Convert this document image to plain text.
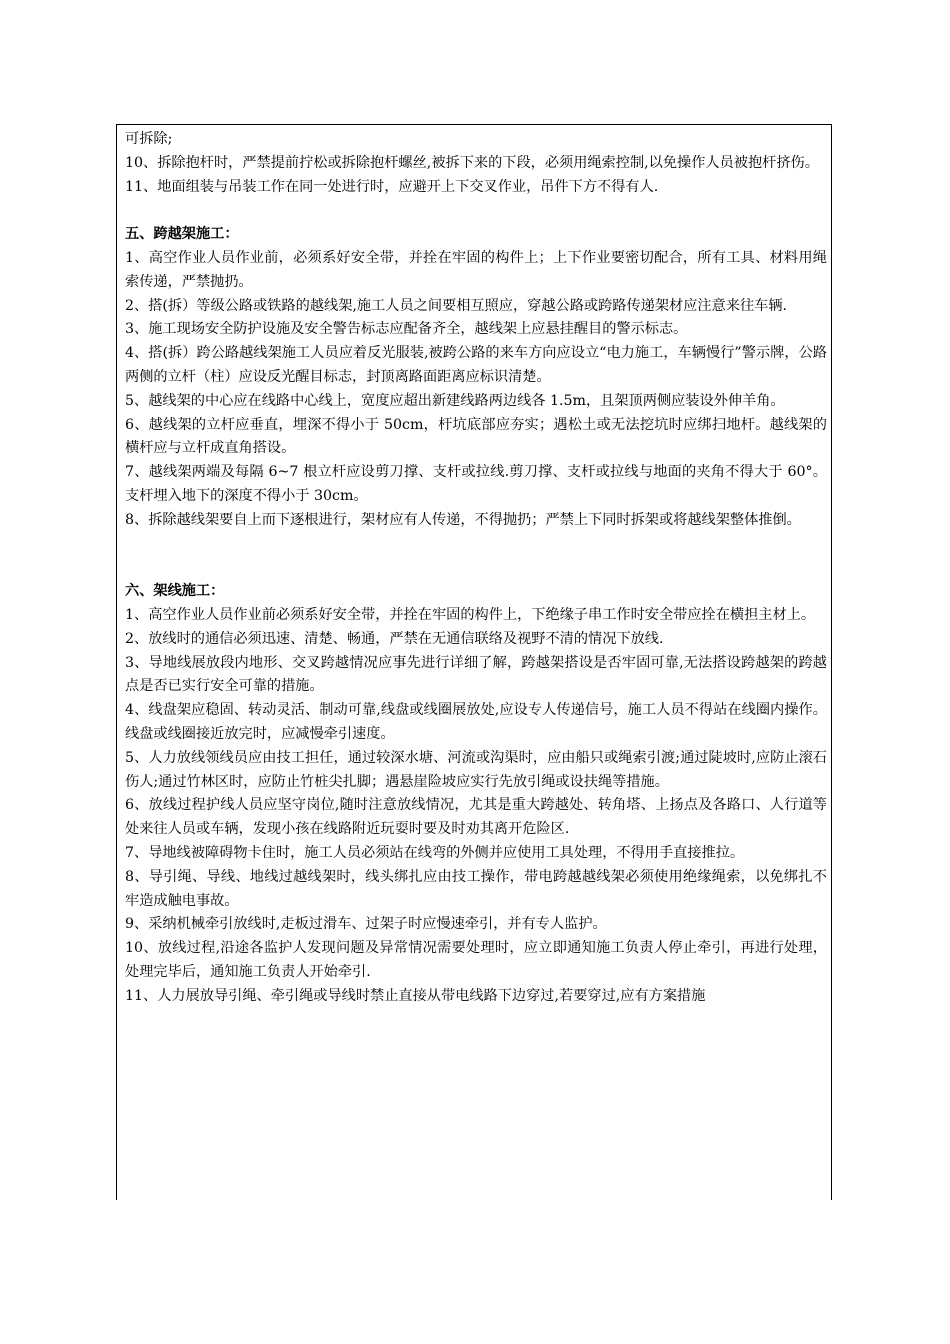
可拆除;

10、拆除抱杆时，严禁提前拧松或拆除抱杆螺丝,被拆下来的下段，必须用绳索控制,以免操作人员被抱杆挤伤。

11、地面组装与吊装工作在同一处进行时，应避开上下交叉作业，吊件下方不得有人.

五、跨越架施工：

1、高空作业人员作业前，必须系好安全带，并拴在牢固的构件上；上下作业要密切配合，所有工具、材料用绳索传递，严禁抛扔。

2、搭(拆）等级公路或铁路的越线架,施工人员之间要相互照应，穿越公路或跨路传递架材应注意来往车辆.

3、施工现场安全防护设施及安全警告标志应配备齐全，越线架上应悬挂醒目的警示标志。

4、搭(拆）跨公路越线架施工人员应着反光服装,被跨公路的来车方向应设立“电力施工，车辆慢行”警示牌，公路两侧的立杆（柱）应设反光醒目标志，封顶离路面距离应标识清楚。

5、越线架的中心应在线路中心线上，宽度应超出新建线路两边线各 1.5m，且架顶两侧应装设外伸羊角。

6、越线架的立杆应垂直，埋深不得小于 50cm，杆坑底部应夯实；遇松土或无法挖坑时应绑扫地杆。越线架的横杆应与立杆成直角搭设。

7、越线架两端及每隔 6~7 根立杆应设剪刀撑、支杆或拉线.剪刀撑、支杆或拉线与地面的夹角不得大于 60°。支杆埋入地下的深度不得小于 30cm。

8、拆除越线架要自上而下逐根进行，架材应有人传递，不得抛扔；严禁上下同时拆架或将越线架整体推倒。

六、架线施工：

1、高空作业人员作业前必须系好安全带，并拴在牢固的构件上，下绝缘子串工作时安全带应拴在横担主材上。

2、放线时的通信必须迅速、清楚、畅通，严禁在无通信联络及视野不清的情况下放线.

3、导地线展放段内地形、交叉跨越情况应事先进行详细了解，跨越架搭设是否牢固可靠,无法搭设跨越架的跨越点是否已实行安全可靠的措施。

4、线盘架应稳固、转动灵活、制动可靠,线盘或线圈展放处,应设专人传递信号，施工人员不得站在线圈内操作。线盘或线圈接近放完时，应减慢牵引速度。

5、人力放线领线员应由技工担任，通过较深水塘、河流或沟渠时，应由船只或绳索引渡;通过陡坡时,应防止滚石伤人;通过竹林区时，应防止竹桩尖扎脚；遇悬崖险坡应实行先放引绳或设扶绳等措施。

6、放线过程护线人员应坚守岗位,随时注意放线情况，尤其是重大跨越处、转角塔、上扬点及各路口、人行道等处来往人员或车辆，发现小孩在线路附近玩耍时要及时劝其离开危险区.

7、导地线被障碍物卡住时，施工人员必须站在线弯的外侧并应使用工具处理，不得用手直接推拉。

8、导引绳、导线、地线过越线架时，线头绑扎应由技工操作，带电跨越越线架必须使用绝缘绳索，以免绑扎不牢造成触电事故。

9、采纳机械牵引放线时,走板过滑车、过架子时应慢速牵引，并有专人监护。

10、放线过程,沿途各监护人发现问题及异常情况需要处理时，应立即通知施工负责人停止牵引，再进行处理，处理完毕后，通知施工负责人开始牵引.

11、人力展放导引绳、牵引绳或导线时禁止直接从带电线路下边穿过,若要穿过,应有方案措施
